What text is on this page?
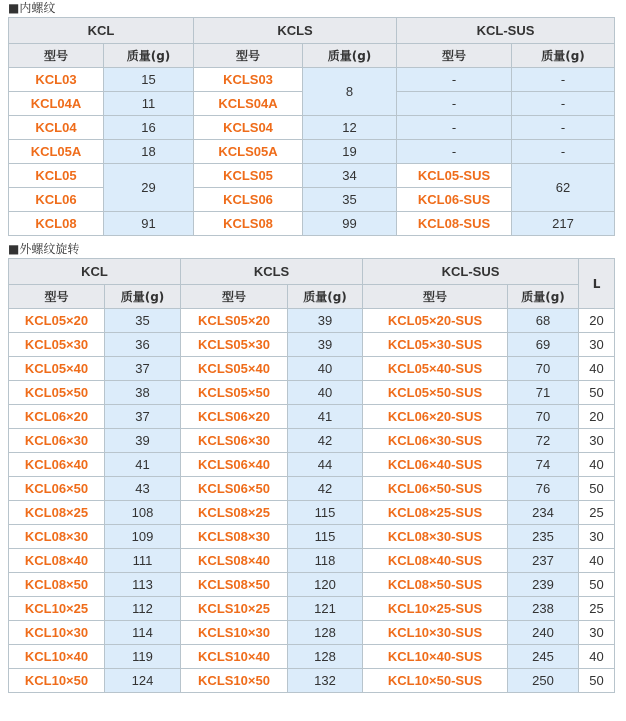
■内螺纹
KCL		KCLS		KCL-SUS	
型号	质量(g)	型号	质量(g)	型号	质量(g)
KCL03	15	KCLS03	8	-	-
KCL04A	11	KCLS04A		-	-
KCL04	16	KCLS04	12	-	-
KCL05A	18	KCLS05A	19	-	-
KCL05	29	KCLS05	34	KCL05-SUS	62
KCL06		KCLS06	35	KCL06-SUS	
KCL08	91	KCLS08	99	KCL08-SUS	217
■外螺纹旋转
KCL		KCLS		KCL-SUS		L
型号	质量(g)	型号	质量(g)	型号	质量(g)	
KCL05×20	35	KCLS05×20	39	KCL05×20-SUS	68	20
KCL05×30	36	KCLS05×30	39	KCL05×30-SUS	69	30
KCL05×40	37	KCLS05×40	40	KCL05×40-SUS	70	40
KCL05×50	38	KCLS05×50	40	KCL05×50-SUS	71	50
KCL06×20	37	KCLS06×20	41	KCL06×20-SUS	70	20
KCL06×30	39	KCLS06×30	42	KCL06×30-SUS	72	30
KCL06×40	41	KCLS06×40	44	KCL06×40-SUS	74	40
KCL06×50	43	KCLS06×50	42	KCL06×50-SUS	76	50
KCL08×25	108	KCLS08×25	115	KCL08×25-SUS	234	25
KCL08×30	109	KCLS08×30	115	KCL08×30-SUS	235	30
KCL08×40	111	KCLS08×40	118	KCL08×40-SUS	237	40
KCL08×50	113	KCLS08×50	120	KCL08×50-SUS	239	50
KCL10×25	112	KCLS10×25	121	KCL10×25-SUS	238	25
KCL10×30	114	KCLS10×30	128	KCL10×30-SUS	240	30
KCL10×40	119	KCLS10×40	128	KCL10×40-SUS	245	40
KCL10×50	124	KCLS10×50	132	KCL10×50-SUS	250	50
